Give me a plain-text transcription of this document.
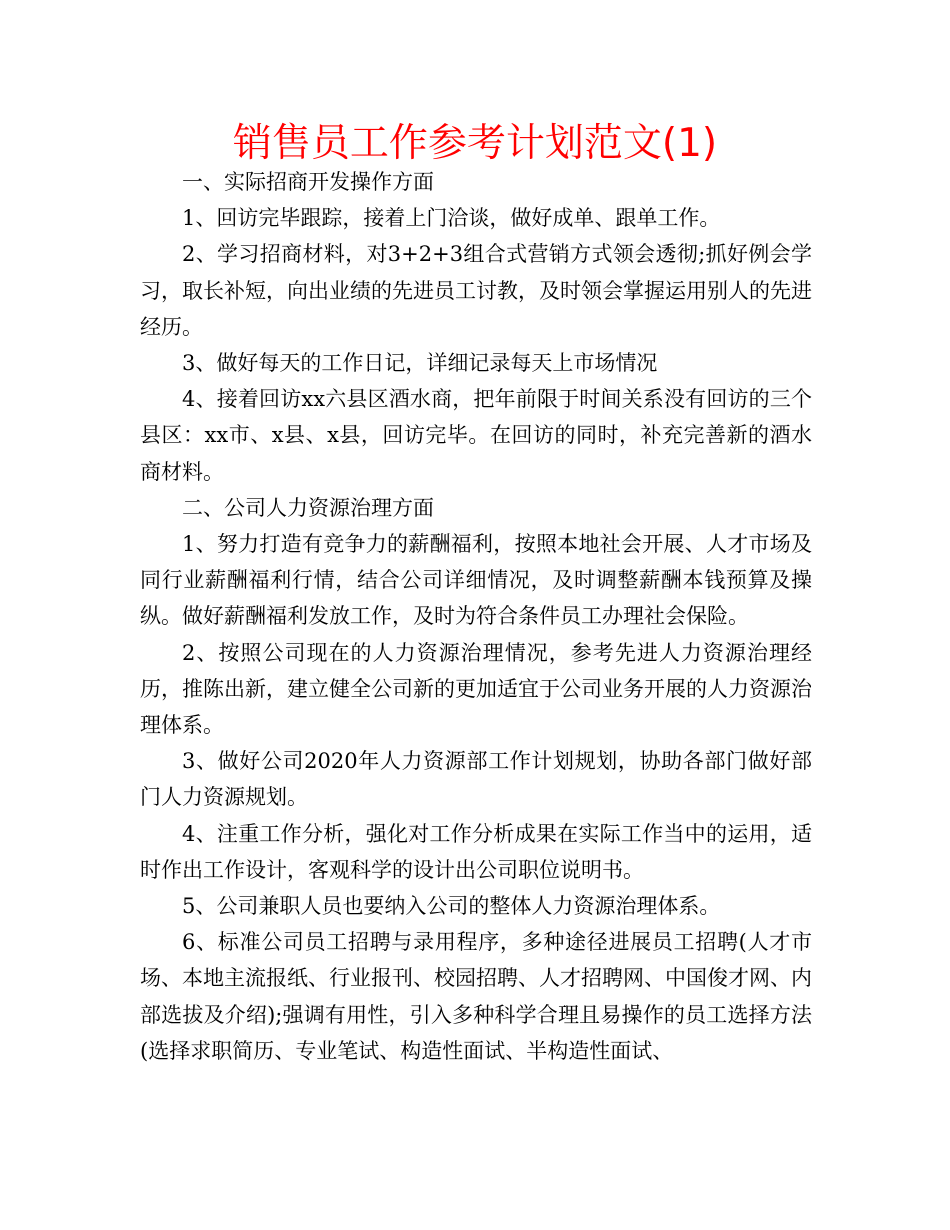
销售员工作参考计划范文(1)

一、实际招商开发操作方面

1、回访完毕跟踪，接着上门洽谈，做好成单、跟单工作。

2、学习招商材料，对3+2+3组合式营销方式领会透彻;抓好例会学习，取长补短，向出业绩的先进员工讨教，及时领会掌握运用别人的先进经历。

3、做好每天的工作日记，详细记录每天上市场情况

4、接着回访xx六县区酒水商，把年前限于时间关系没有回访的三个县区：xx市、x县、x县，回访完毕。在回访的同时，补充完善新的酒水商材料。

二、公司人力资源治理方面

1、努力打造有竞争力的薪酬福利，按照本地社会开展、人才市场及同行业薪酬福利行情，结合公司详细情况，及时调整薪酬本钱预算及操纵。做好薪酬福利发放工作，及时为符合条件员工办理社会保险。

2、按照公司现在的人力资源治理情况，参考先进人力资源治理经历，推陈出新，建立健全公司新的更加适宜于公司业务开展的人力资源治理体系。

3、做好公司2020年人力资源部工作计划规划，协助各部门做好部门人力资源规划。

4、注重工作分析，强化对工作分析成果在实际工作当中的运用，适时作出工作设计，客观科学的设计出公司职位说明书。

5、公司兼职人员也要纳入公司的整体人力资源治理体系。

6、标准公司员工招聘与录用程序，多种途径进展员工招聘(人才市场、本地主流报纸、行业报刊、校园招聘、人才招聘网、中国俊才网、内部选拔及介绍);强调有用性，引入多种科学合理且易操作的员工选择方法(选择求职简历、专业笔试、构造性面试、半构造性面试、
